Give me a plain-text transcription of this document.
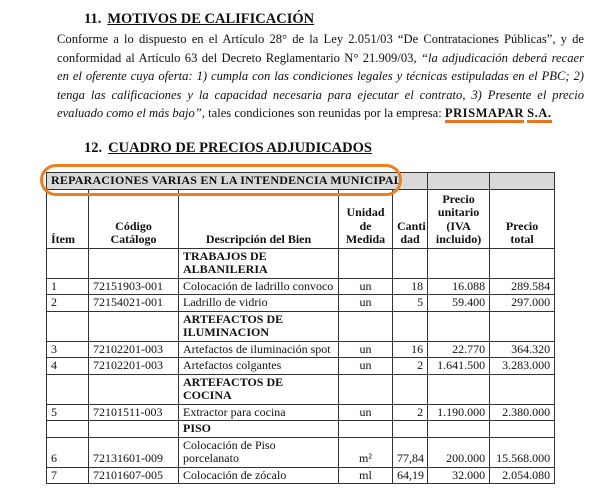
11. MOTIVOS DE CALIFICACIÓN
Conforme a lo dispuesto en el Artículo 28° de la Ley 2.051/03 “De Contrataciones Públicas”, y de conformidad al Artículo 63 del Decreto Reglamentario N° 21.909/03, “la adjudicación deberá recaer en el oferente cuya oferta: 1) cumpla con las condiciones legales y técnicas estipuladas en el PBC; 2) tenga las calificaciones y la capacidad necesaria para ejecutar el contrato, 3) Presente el precio evaluado como el más bajo”, tales condiciones son reunidas por la empresa: PRISMAPAR S.A.
12. CUADRO DE PRECIOS ADJUDICADOS
REPARACIONES VARIAS EN LA INTENDENCIA MUNICIPAL						
Ítem	Código Catálogo	Descripción del Bien	Unidad de Medida	Canti dad	Precio unitario (IVA incluido)	Precio total
		TRABAJOS DE ALBANILERIA				
1	72151903-001	Colocación de ladrillo convoco	un	18	16.088	289.584
2	72154021-001	Ladrillo de vidrio	un	5	59.400	297.000
		ARTEFACTOS DE ILUMINACION				
3	72102201-003	Artefactos de iluminación spot	un	16	22.770	364.320
4	72102201-003	Artefactos colgantes	un	2	1.641.500	3.283.000
		ARTEFACTOS DE COCINA				
5	72101511-003	Extractor para cocina	un	2	1.190.000	2.380.000
		PISO				
6	72131601-009	Colocación de Piso porcelanato	m²	77,84	200.000	15.568.000
7	72101607-005	Colocación de zócalo	ml	64,19	32.000	2.054.080
